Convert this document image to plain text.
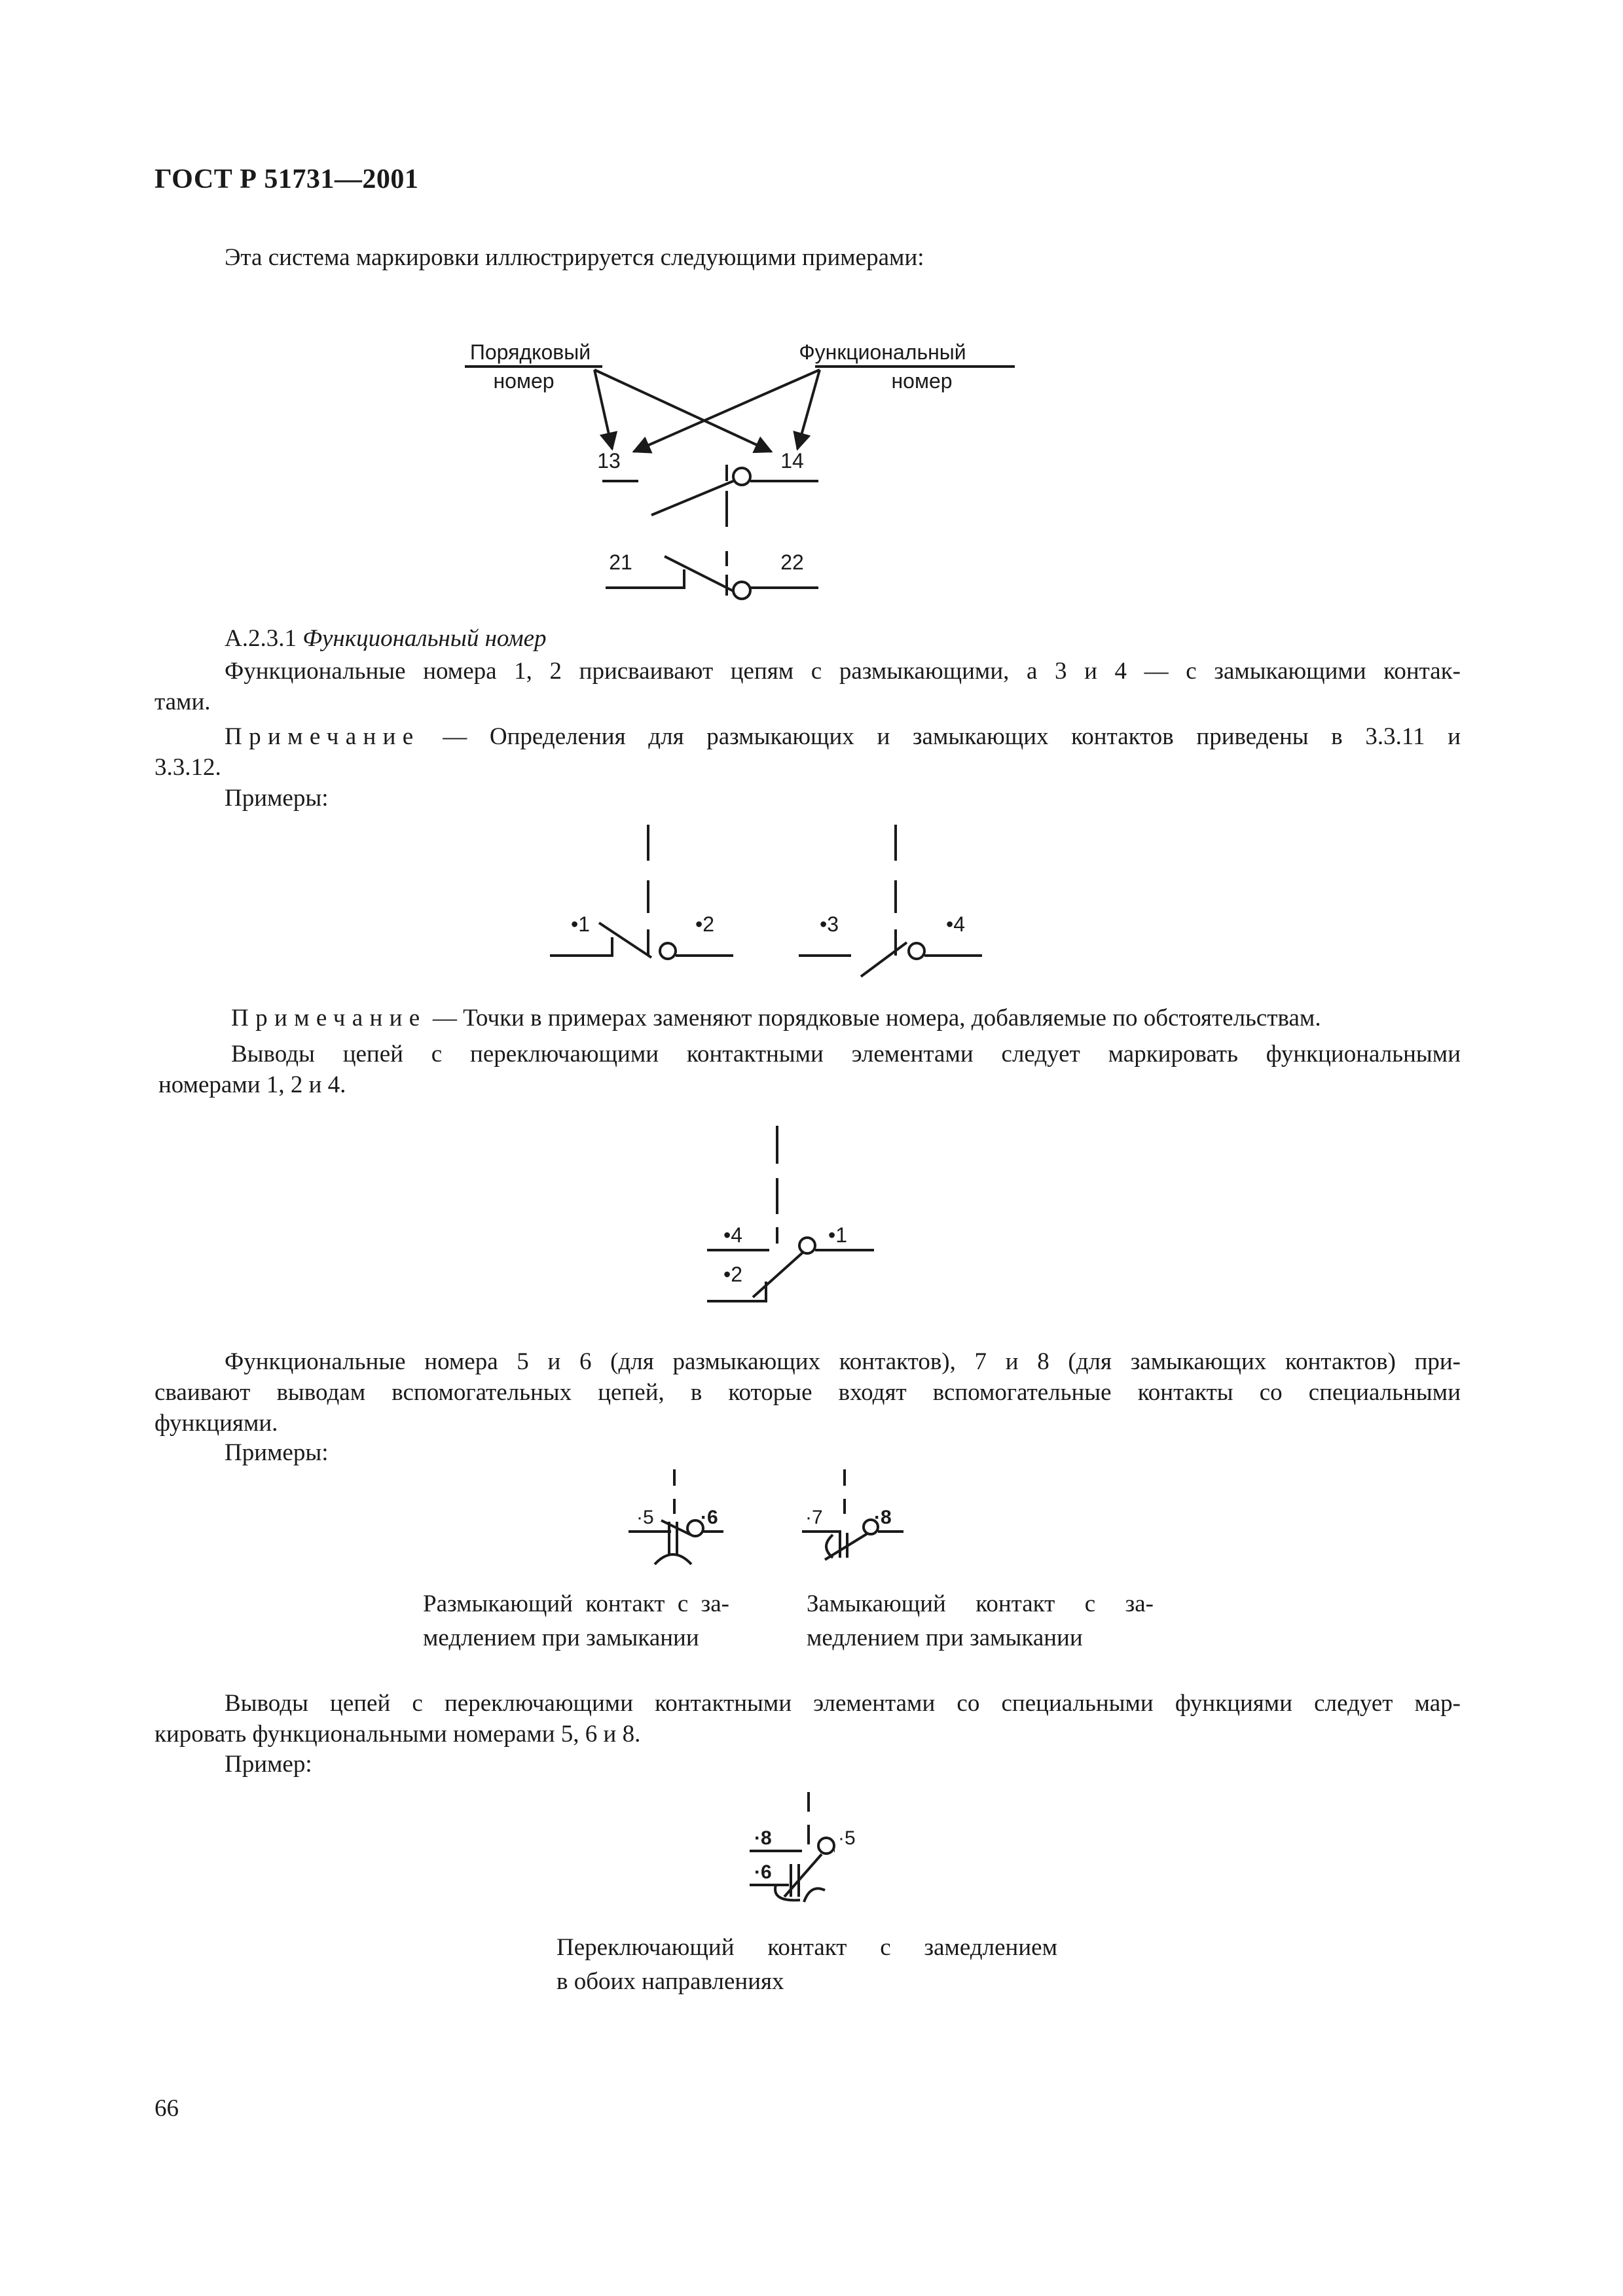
ГОСТ Р 51731—2001

Эта система маркировки иллюстрируется следующими примерами:

Порядковый
номер
Функциональный
номер
13	14
21	22

А.2.3.1 Функциональный номер

Функциональные номера 1, 2 присваивают цепям с размыкающими, а 3 и 4 — с замыкающими контак-

тами.

Примечание — Определения для размыкающих и замыкающих контактов приведены в 3.3.11 и

3.3.12.

Примеры:

•1	•2	•3	•4

Примечание — Точки в примерах заменяют порядковые номера, добавляемые по обстоятельствам.

Выводы цепей с переключающими контактными элементами следует маркировать функциональными

номерами 1, 2 и 4.

•4	•1
•2

Функциональные номера 5 и 6 (для размыкающих контактов), 7 и 8 (для замыкающих контактов) при-

сваивают выводам вспомогательных цепей, в которые входят вспомогательные контакты со специальными

функциями.

Примеры:

·5 ·6	·7	·8
Размыкающий контакт с за-
медлением при замыкании
Замыкающий контакт с за-
медлением при замыкании

Выводы цепей с переключающими контактными элементами со специальными функциями следует мар-

кировать функциональными номерами 5, 6 и 8.

Пример:

·8	·5
·6
Переключающий контакт с замедлением
в обоих направлениях
66
